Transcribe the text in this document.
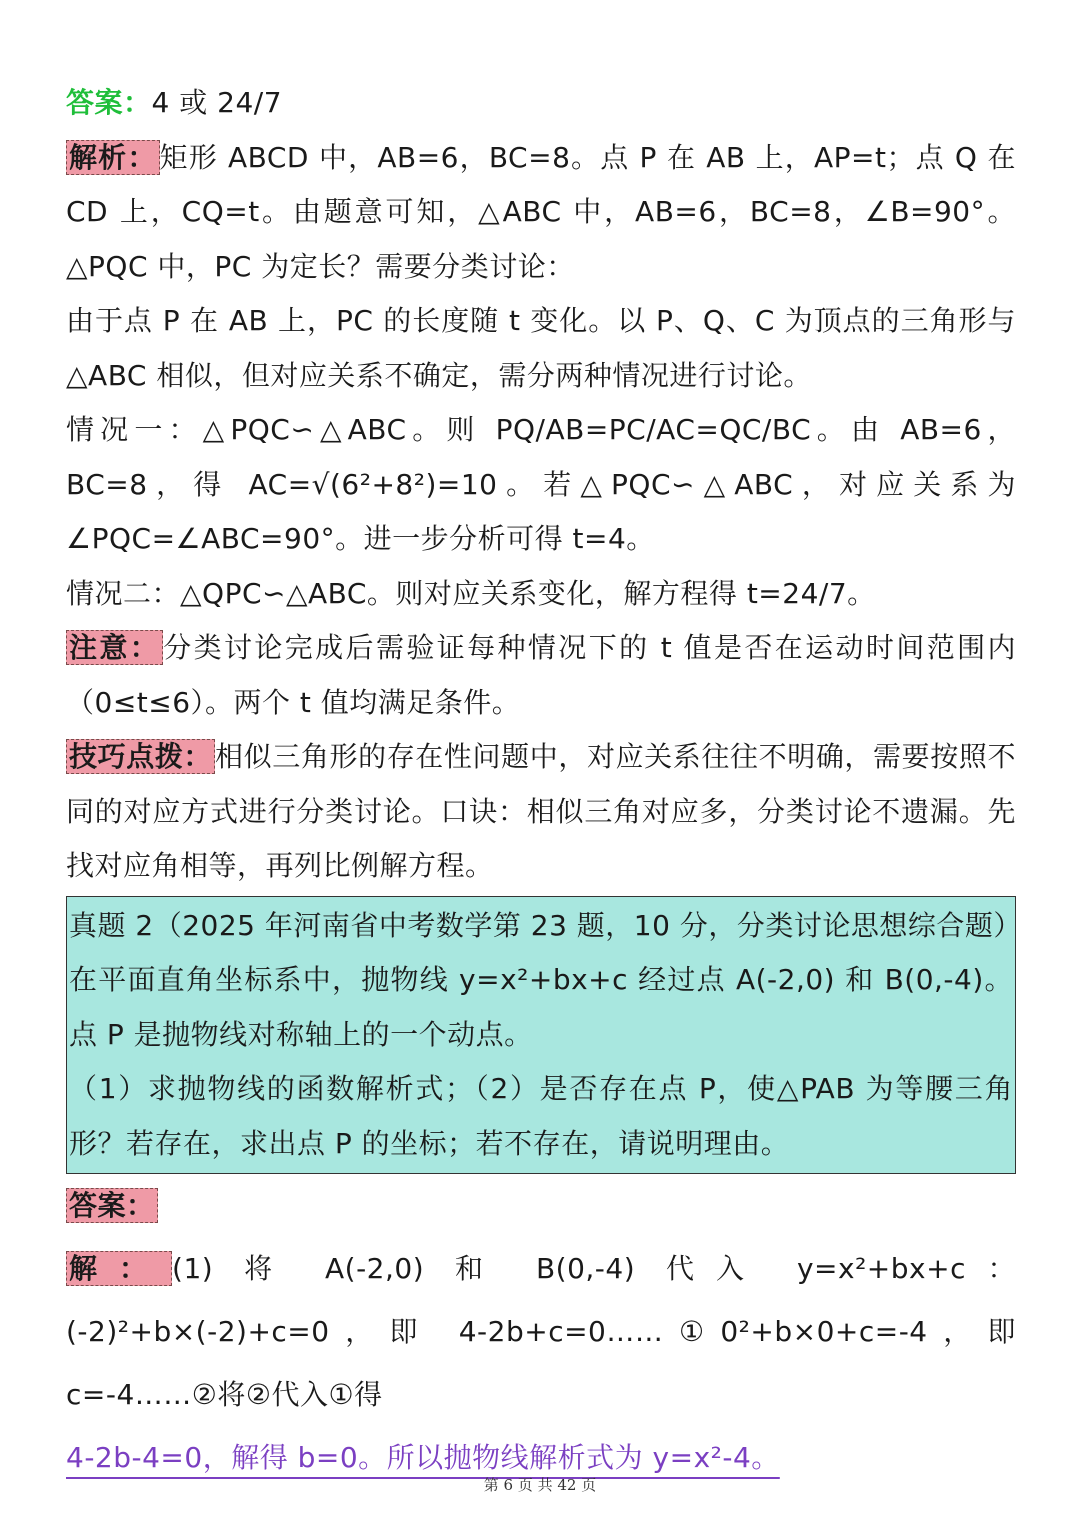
答案：4 或 24/7

解析： 矩形 ABCD 中，AB=6，BC=8。点 P 在 AB 上，AP=t；点 Q 在 CD 上，CQ=t。由题意可知，△ABC 中，AB=6，BC=8，∠B=90°。△PQC 中，PC 为定长？需要分类讨论：

由于点 P 在 AB 上，PC 的长度随 t 变化。以 P、Q、C 为顶点的三角形与△ABC 相似，但对应关系不确定，需分两种情况进行讨论。

情况一：△PQC∽△ABC。则 PQ/AB=PC/AC=QC/BC。由 AB=6，BC=8，得 AC=√(6²+8²)=10。若△PQC∽△ABC，对应关系为∠PQC=∠ABC=90°。进一步分析可得 t=4。

情况二：△QPC∽△ABC。则对应关系变化，解方程得 t=24/7。

注意： 分类讨论完成后需验证每种情况下的 t 值是否在运动时间范围内（0≤t≤6）。两个 t 值均满足条件。

技巧点拨： 相似三角形的存在性问题中，对应关系往往不明确，需要按照不同的对应方式进行分类讨论。口诀：相似三角对应多，分类讨论不遗漏。先找对应角相等，再列比例解方程。

真题 2（2025 年河南省中考数学第 23 题，10 分，分类讨论思想综合题）

在平面直角坐标系中，抛物线 y=x²+bx+c 经过点 A(-2,0) 和 B(0,-4)。点 P 是抛物线对称轴上的一个动点。

（1）求抛物线的函数解析式；（2）是否存在点 P，使△PAB 为等腰三角形？若存在，求出点 P 的坐标；若不存在，请说明理由。

答案：

解： (1) 将 A(-2,0) 和 B(0,-4) 代入 y=x²+bx+c：(-2)²+b×(-2)+c=0，即 4-2b+c=0……①0²+b×0+c=-4，即 c=-4……②将②代入①得
4-2b-4=0，解得 b=0。所以抛物线解析式为 y=x²-4。

第 6 页 共 42 页
